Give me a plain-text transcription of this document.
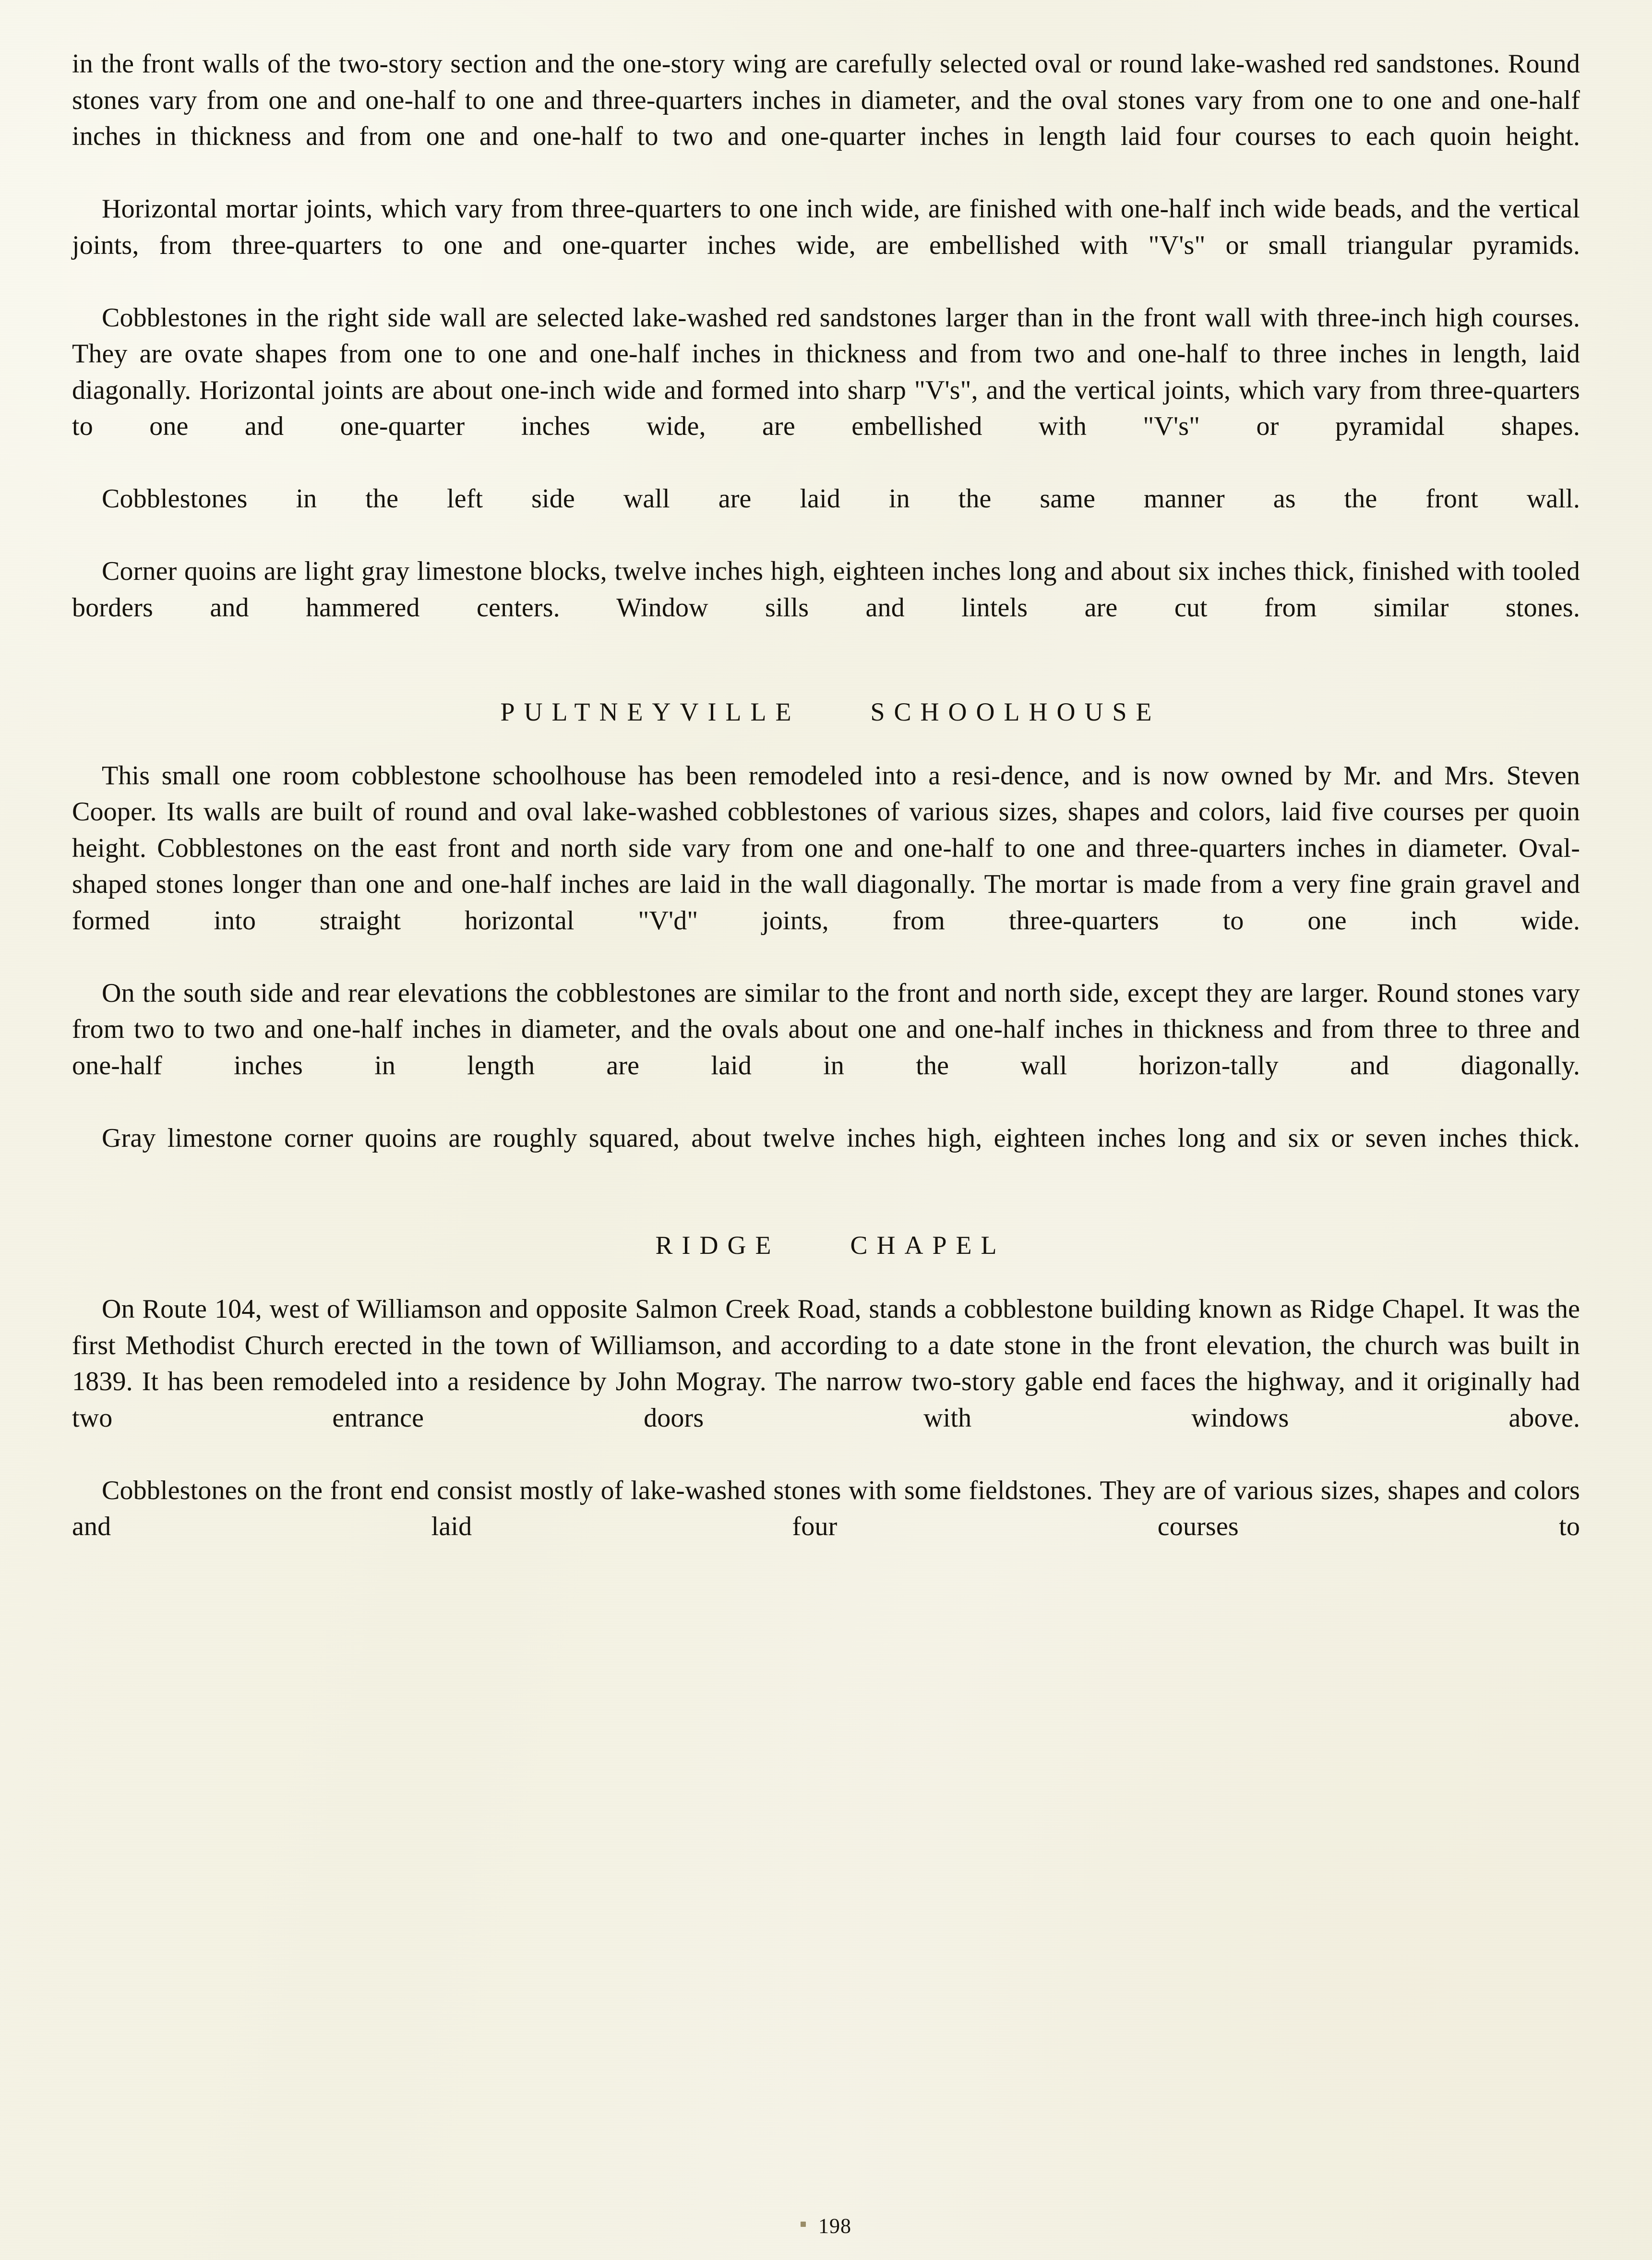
in the front walls of the two-story section and the one-story wing are carefully selected oval or round lake-washed red sandstones. Round stones vary from one and one-half to one and three-quarters inches in diameter, and the oval stones vary from one to one and one-half inches in thickness and from one and one-half to two and one-quarter inches in length laid four courses to each quoin height.

Horizontal mortar joints, which vary from three-quarters to one inch wide, are finished with one-half inch wide beads, and the vertical joints, from three-quarters to one and one-quarter inches wide, are embellished with "V's" or small triangular pyramids.

Cobblestones in the right side wall are selected lake-washed red sandstones larger than in the front wall with three-inch high courses. They are ovate shapes from one to one and one-half inches in thickness and from two and one-half to three inches in length, laid diagonally. Horizontal joints are about one-inch wide and formed into sharp "V's", and the vertical joints, which vary from three-quarters to one and one-quarter inches wide, are embellished with "V's" or pyramidal shapes.

Cobblestones in the left side wall are laid in the same manner as the front wall.

Corner quoins are light gray limestone blocks, twelve inches high, eighteen inches long and about six inches thick, finished with tooled borders and hammered centers. Window sills and lintels are cut from similar stones.

PULTNEYVILLE  SCHOOLHOUSE

This small one room cobblestone schoolhouse has been remodeled into a resi-dence, and is now owned by Mr. and Mrs. Steven Cooper. Its walls are built of round and oval lake-washed cobblestones of various sizes, shapes and colors, laid five courses per quoin height. Cobblestones on the east front and north side vary from one and one-half to one and three-quarters inches in diameter. Oval-shaped stones longer than one and one-half inches are laid in the wall diagonally. The mortar is made from a very fine grain gravel and formed into straight horizontal "V'd" joints, from three-quarters to one inch wide.

On the south side and rear elevations the cobblestones are similar to the front and north side, except they are larger. Round stones vary from two to two and one-half inches in diameter, and the ovals about one and one-half inches in thickness and from three to three and one-half inches in length are laid in the wall horizon-tally and diagonally.

Gray limestone corner quoins are roughly squared, about twelve inches high, eighteen inches long and six or seven inches thick.

RIDGE  CHAPEL

On Route 104, west of Williamson and opposite Salmon Creek Road, stands a cobblestone building known as Ridge Chapel. It was the first Methodist Church erected in the town of Williamson, and according to a date stone in the front elevation, the church was built in 1839. It has been remodeled into a residence by John Mogray. The narrow two-story gable end faces the highway, and it originally had two entrance doors with windows above.

Cobblestones on the front end consist mostly of lake-washed stones with some fieldstones. They are of various sizes, shapes and colors and laid four courses to

198
